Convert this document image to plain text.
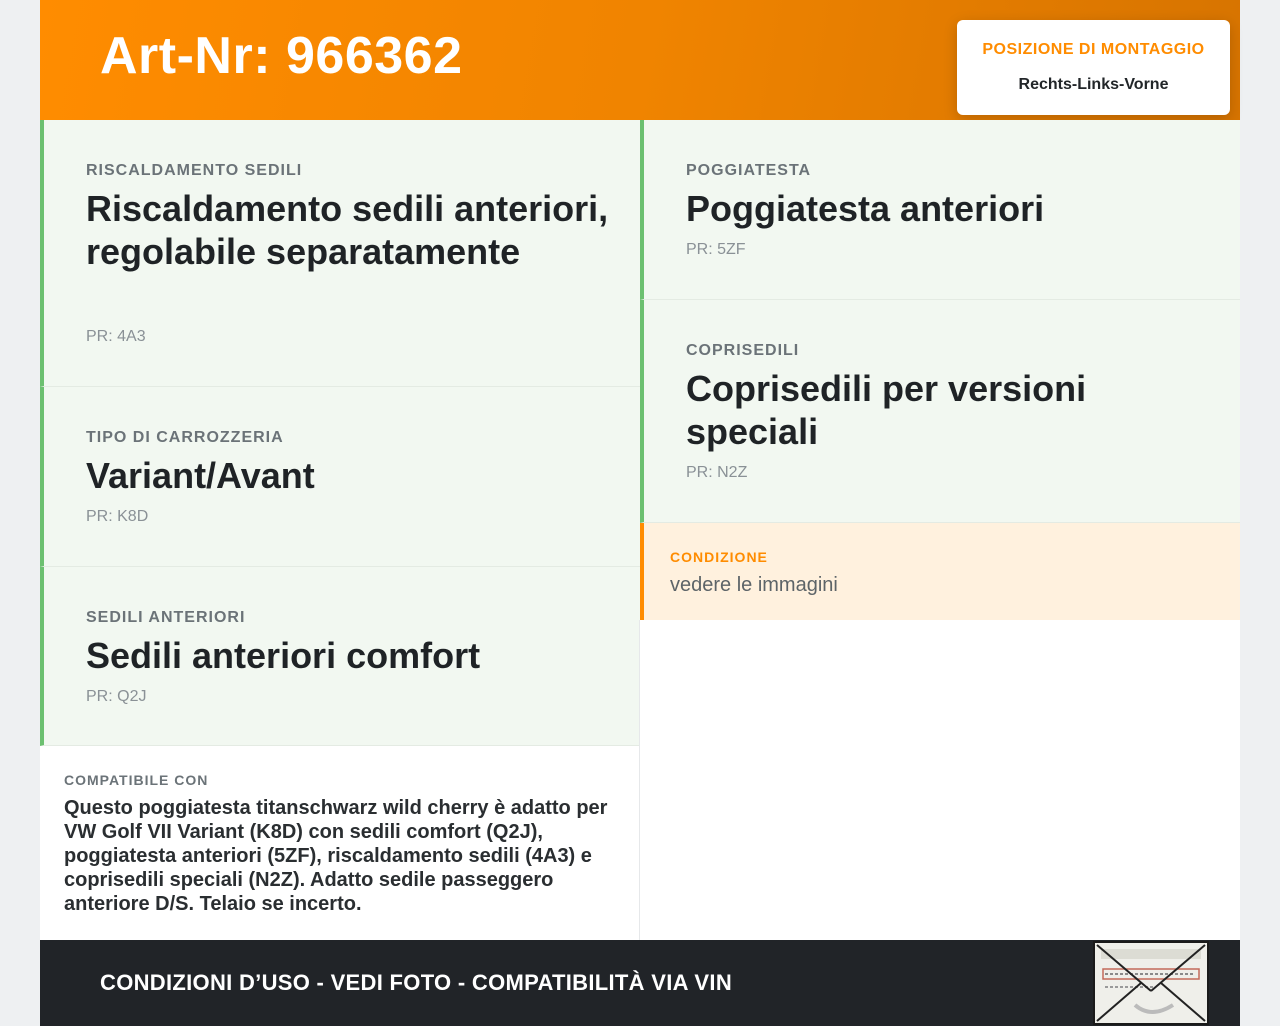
Art-Nr: 966362	POSIZIONE DI MONTAGGIO
Rechts-Links-Vorne
RISCALDAMENTO SEDILI
Riscaldamento sedili anteriori, regolabile separatamente
PR: 4A3
TIPO DI CARROZZERIA
Variant/Avant
PR: K8D
SEDILI ANTERIORI
Sedili anteriori comfort
PR: Q2J
POGGIATESTA
Poggiatesta anteriori
PR: 5ZF
COPRISEDILI
Coprisedili per versioni speciali
PR: N2Z
CONDIZIONE
vedere le immagini
COMPATIBILE CON
Questo poggiatesta titanschwarz wild cherry è adatto per VW Golf VII Variant (K8D) con sedili comfort (Q2J), poggiatesta anteriori (5ZF), riscaldamento sedili (4A3) e coprisedili speciali (N2Z). Adatto sedile passeggero anteriore D/S. Telaio se incerto.
CONDIZIONI D’USO - VEDI FOTO - COMPATIBILITÀ VIA VIN
